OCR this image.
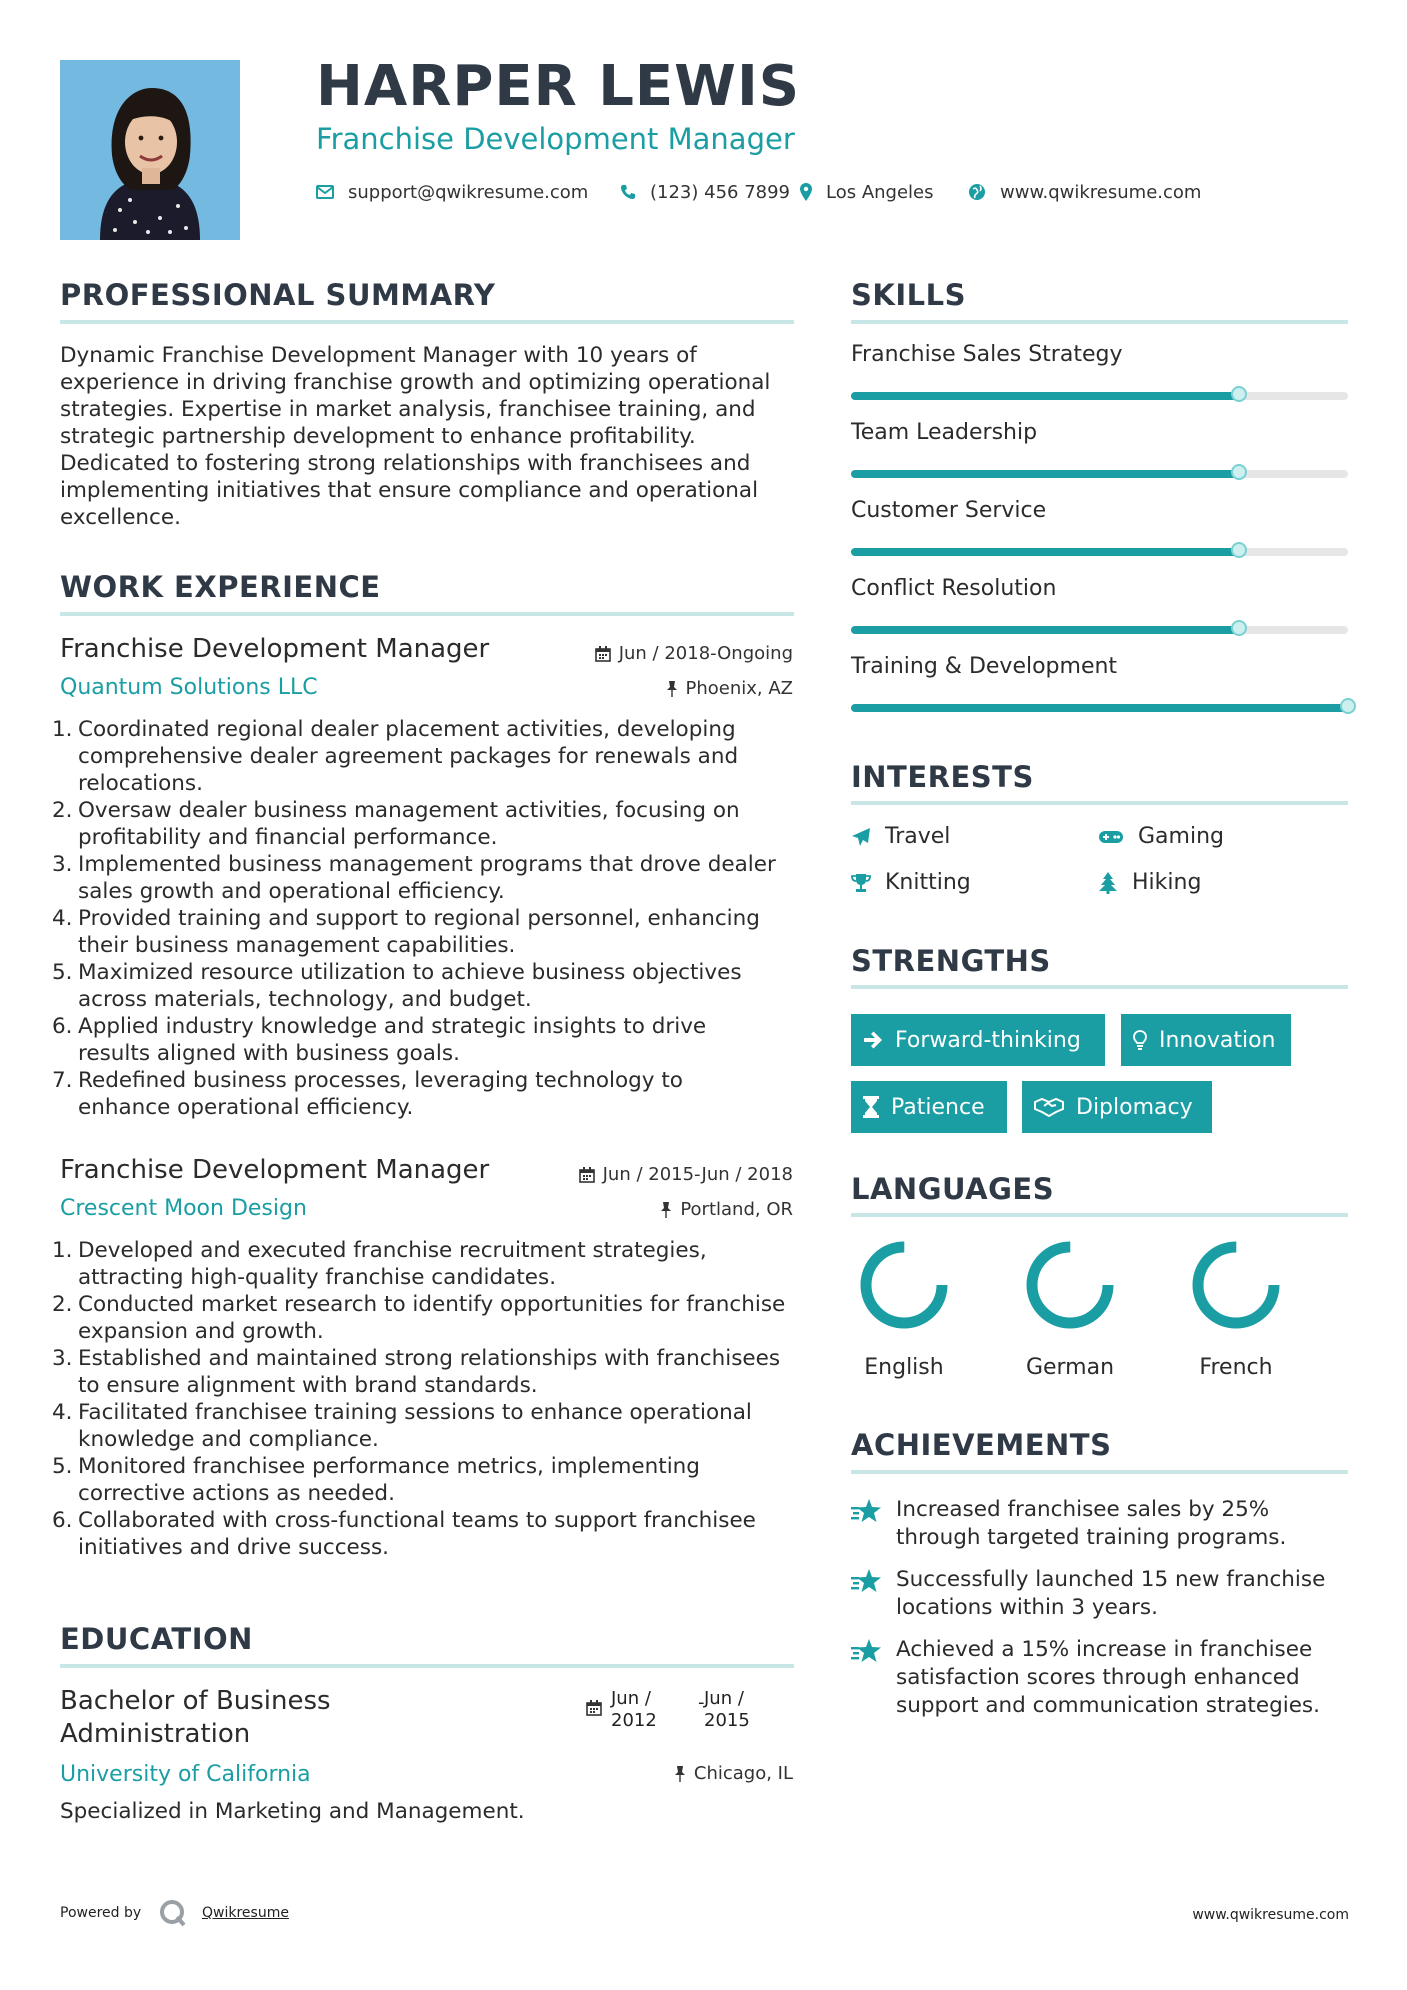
HARPER LEWIS
Franchise Development Manager
support@qwikresume.com	(123) 456 7899 Los Angeles	www.qwikresume.com
PROFESSIONAL SUMMARY
Dynamic Franchise Development Manager with 10 years of experience in driving franchise growth and optimizing operational strategies. Expertise in market analysis, franchisee training, and strategic partnership development to enhance profitability. Dedicated to fostering strong relationships with franchisees and implementing initiatives that ensure compliance and operational excellence.
WORK EXPERIENCE
Franchise Development Manager	Jun / 2018-Ongoing
Quantum Solutions LLC	Phoenix, AZ
1. Coordinated regional dealer placement activities, developing comprehensive dealer agreement packages for renewals and relocations.
2. Oversaw dealer business management activities, focusing on profitability and financial performance.
3. Implemented business management programs that drove dealer sales growth and operational efficiency.
4. Provided training and support to regional personnel, enhancing their business management capabilities.
5. Maximized resource utilization to achieve business objectives across materials, technology, and budget.
6. Applied industry knowledge and strategic insights to drive results aligned with business goals.
7. Redefined business processes, leveraging technology to enhance operational efficiency.
Franchise Development Manager	Jun / 2015-Jun / 2018
Crescent Moon Design	Portland, OR
1. Developed and executed franchise recruitment strategies, attracting high-quality franchise candidates.
2. Conducted market research to identify opportunities for franchise expansion and growth.
3. Established and maintained strong relationships with franchisees to ensure alignment with brand standards.
4. Facilitated franchisee training sessions to enhance operational knowledge and compliance.
5. Monitored franchisee performance metrics, implementing corrective actions as needed.
6. Collaborated with cross-functional teams to support franchisee initiatives and drive success.
EDUCATION
Bachelor of Business
Administration
Jun /
2012
- Jun /
2015
University of California	Chicago, IL
Specialized in Marketing and Management.
SKILLS
Franchise Sales Strategy
Team Leadership
Customer Service
Conflict Resolution
Training & Development
INTERESTS
Travel	Gaming
Knitting	Hiking
STRENGTHS
Forward-thinking	Innovation
Patience	Diplomacy
LANGUAGES
English	German	French
ACHIEVEMENTS
Increased franchisee sales by 25% through targeted training programs.
Successfully launched 15 new franchise locations within 3 years.
Achieved a 15% increase in franchisee satisfaction scores through enhanced support and communication strategies.
Powered by	Qwikresume	www.qwikresume.com
